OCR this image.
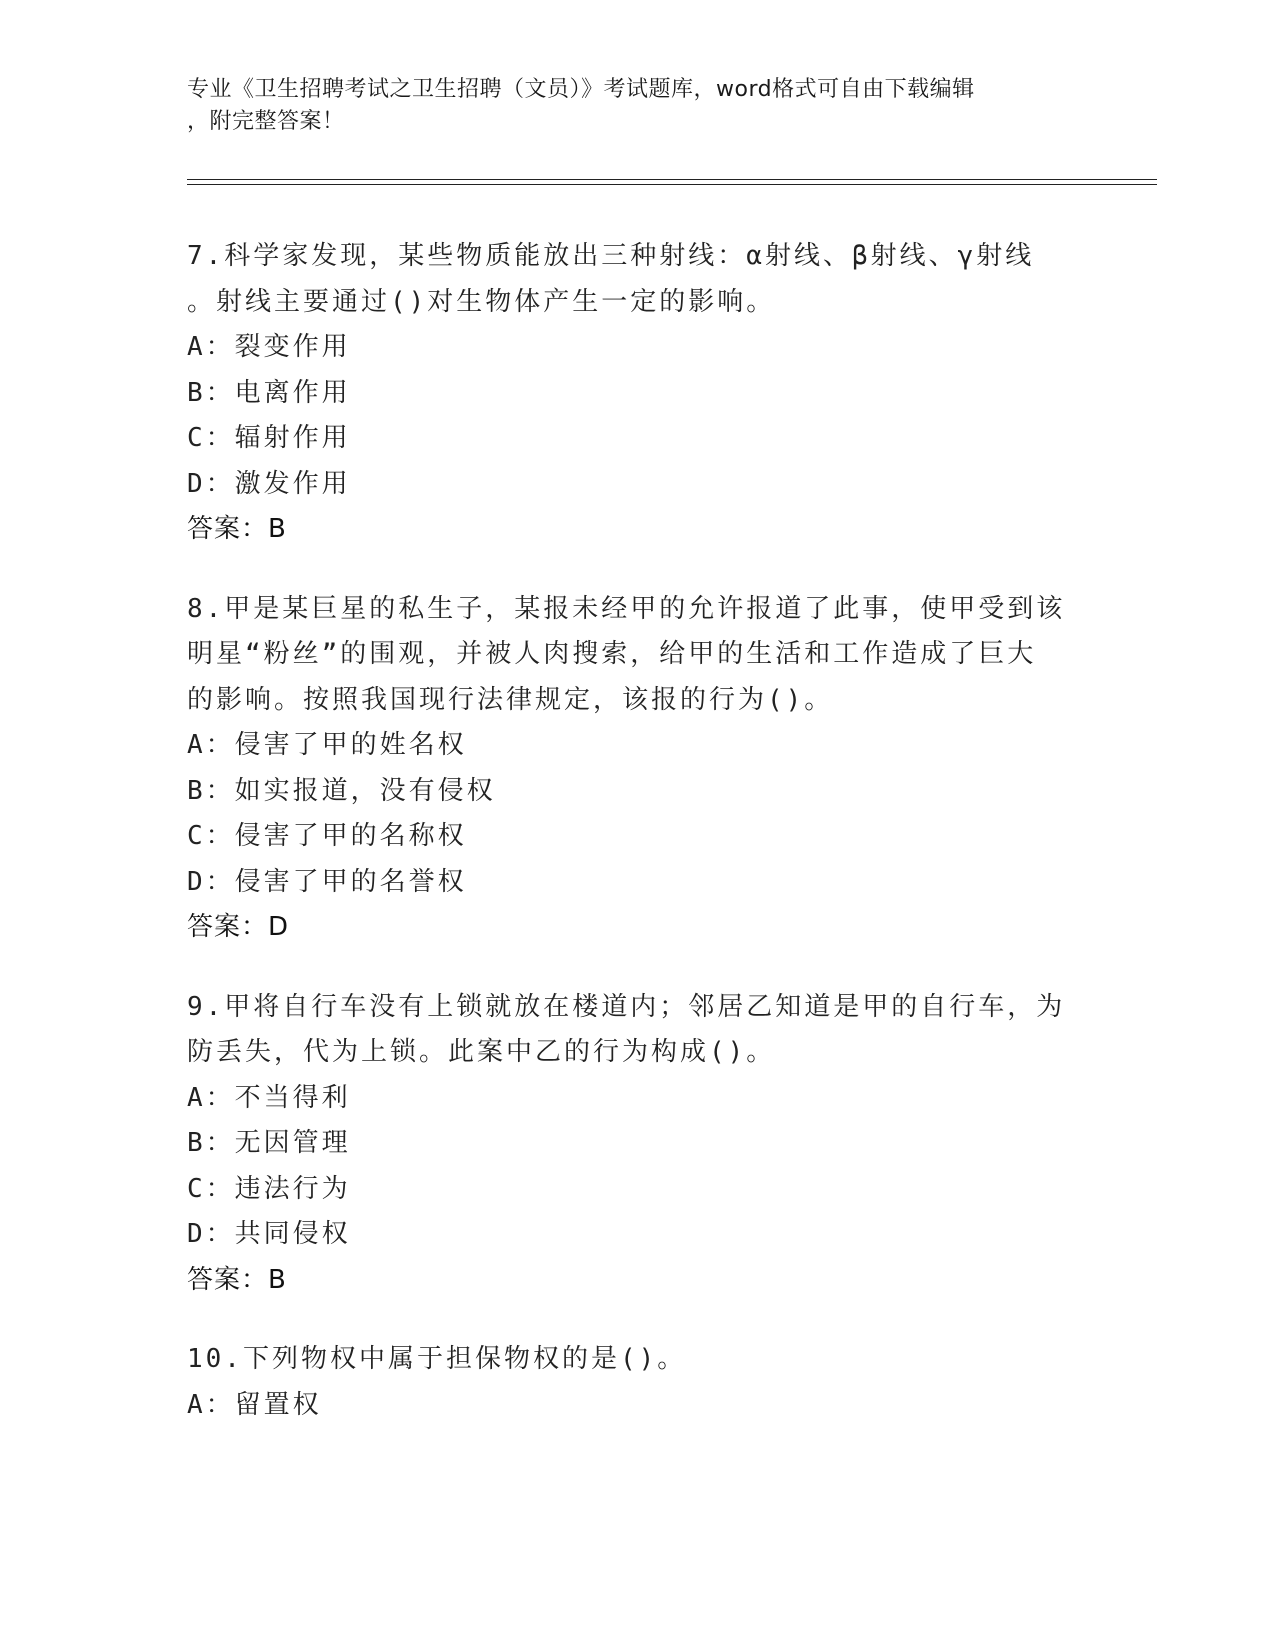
专业《卫生招聘考试之卫生招聘（文员）》考试题库，word格式可自由下载编辑
，附完整答案！
7.科学家发现，某些物质能放出三种射线：α射线、β射线、γ射线
。射线主要通过()对生物体产生一定的影响。
A：裂变作用
B：电离作用
C：辐射作用
D：激发作用
答案：B
8.甲是某巨星的私生子，某报未经甲的允许报道了此事，使甲受到该
明星“粉丝”的围观，并被人肉搜索，给甲的生活和工作造成了巨大
的影响。按照我国现行法律规定，该报的行为()。
A：侵害了甲的姓名权
B：如实报道，没有侵权
C：侵害了甲的名称权
D：侵害了甲的名誉权
答案：D
9.甲将自行车没有上锁就放在楼道内；邻居乙知道是甲的自行车，为
防丢失，代为上锁。此案中乙的行为构成()。
A：不当得利
B：无因管理
C：违法行为
D：共同侵权
答案：B
10.下列物权中属于担保物权的是()。
A：留置权
